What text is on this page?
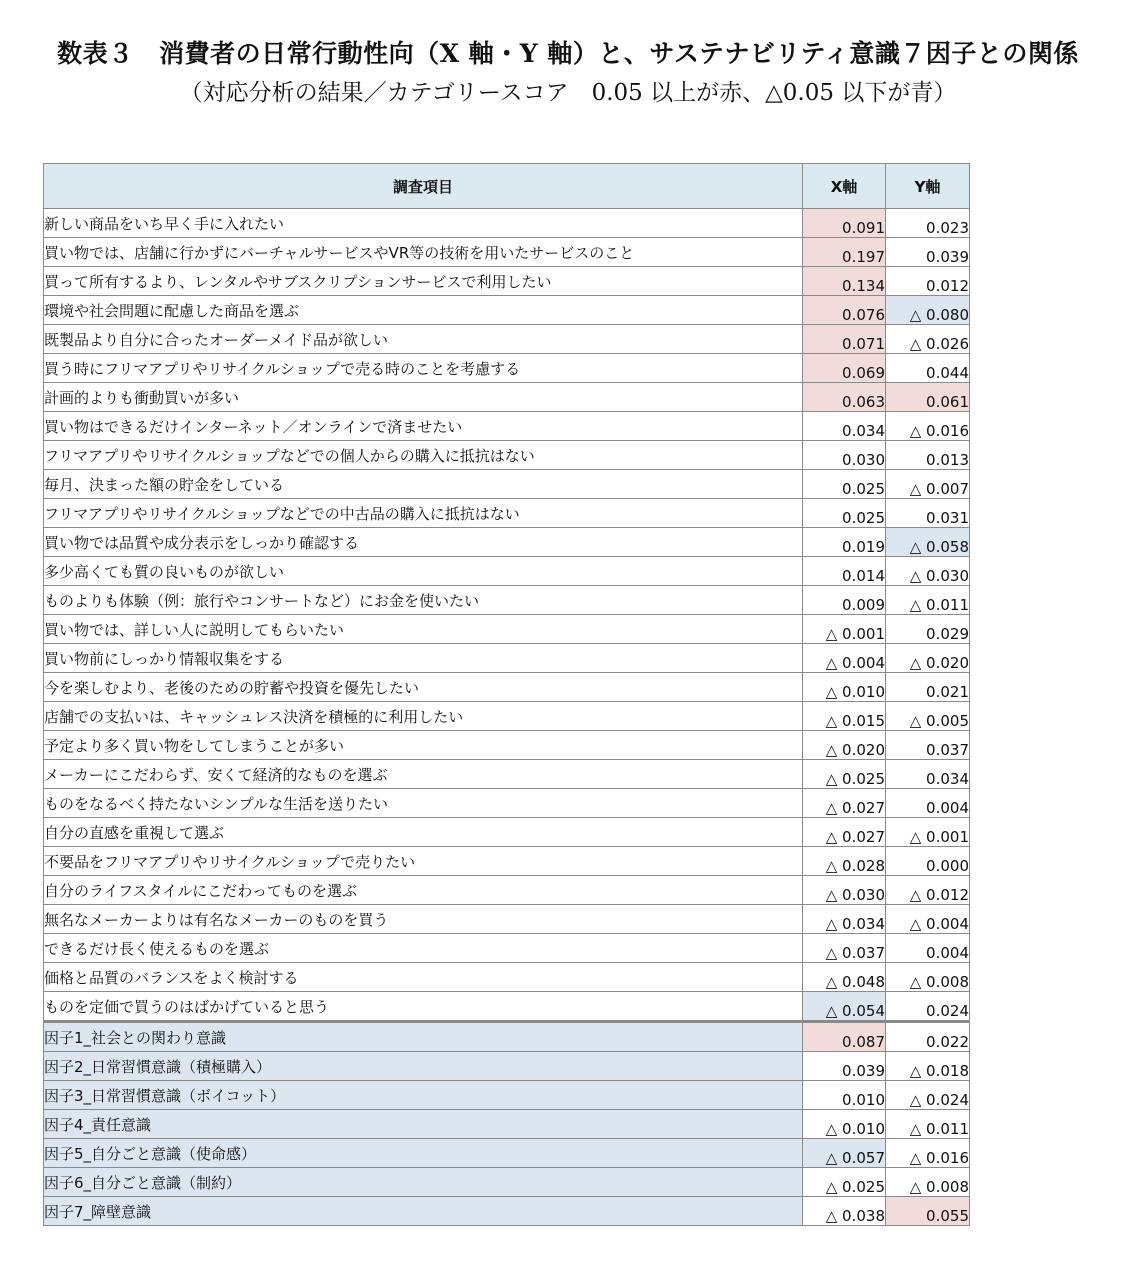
数表３　消費者の日常行動性向（X 軸・Y 軸）と、サステナビリティ意識７因子との関係
（対応分析の結果／カテゴリースコア　0.05 以上が赤、△0.05 以下が青）
調査項目	X軸	Y軸
新しい商品をいち早く手に入れたい	0.091	0.023
買い物では、店舗に行かずにバーチャルサービスやVR等の技術を用いたサービスのこと	0.197	0.039
買って所有するより、レンタルやサブスクリプションサービスで利用したい	0.134	0.012
環境や社会問題に配慮した商品を選ぶ	0.076	△ 0.080
既製品より自分に合ったオーダーメイド品が欲しい	0.071	△ 0.026
買う時にフリマアプリやリサイクルショップで売る時のことを考慮する	0.069	0.044
計画的よりも衝動買いが多い	0.063	0.061
買い物はできるだけインターネット／オンラインで済ませたい	0.034	△ 0.016
フリマアプリやリサイクルショップなどでの個人からの購入に抵抗はない	0.030	0.013
毎月、決まった額の貯金をしている	0.025	△ 0.007
フリマアプリやリサイクルショップなどでの中古品の購入に抵抗はない	0.025	0.031
買い物では品質や成分表示をしっかり確認する	0.019	△ 0.058
多少高くても質の良いものが欲しい	0.014	△ 0.030
ものよりも体験（例：旅行やコンサートなど）にお金を使いたい	0.009	△ 0.011
買い物では、詳しい人に説明してもらいたい	△ 0.001	0.029
買い物前にしっかり情報収集をする	△ 0.004	△ 0.020
今を楽しむより、老後のための貯蓄や投資を優先したい	△ 0.010	0.021
店舗での支払いは、キャッシュレス決済を積極的に利用したい	△ 0.015	△ 0.005
予定より多く買い物をしてしまうことが多い	△ 0.020	0.037
メーカーにこだわらず、安くて経済的なものを選ぶ	△ 0.025	0.034
ものをなるべく持たないシンプルな生活を送りたい	△ 0.027	0.004
自分の直感を重視して選ぶ	△ 0.027	△ 0.001
不要品をフリマアプリやリサイクルショップで売りたい	△ 0.028	0.000
自分のライフスタイルにこだわってものを選ぶ	△ 0.030	△ 0.012
無名なメーカーよりは有名なメーカーのものを買う	△ 0.034	△ 0.004
できるだけ長く使えるものを選ぶ	△ 0.037	0.004
価格と品質のバランスをよく検討する	△ 0.048	△ 0.008
ものを定価で買うのはばかげていると思う	△ 0.054	0.024
因子1_社会との関わり意識	0.087	0.022
因子2_日常習慣意識（積極購入）	0.039	△ 0.018
因子3_日常習慣意識（ボイコット）	0.010	△ 0.024
因子4_責任意識	△ 0.010	△ 0.011
因子5_自分ごと意識（使命感）	△ 0.057	△ 0.016
因子6_自分ごと意識（制約）	△ 0.025	△ 0.008
因子7_障壁意識	△ 0.038	0.055
